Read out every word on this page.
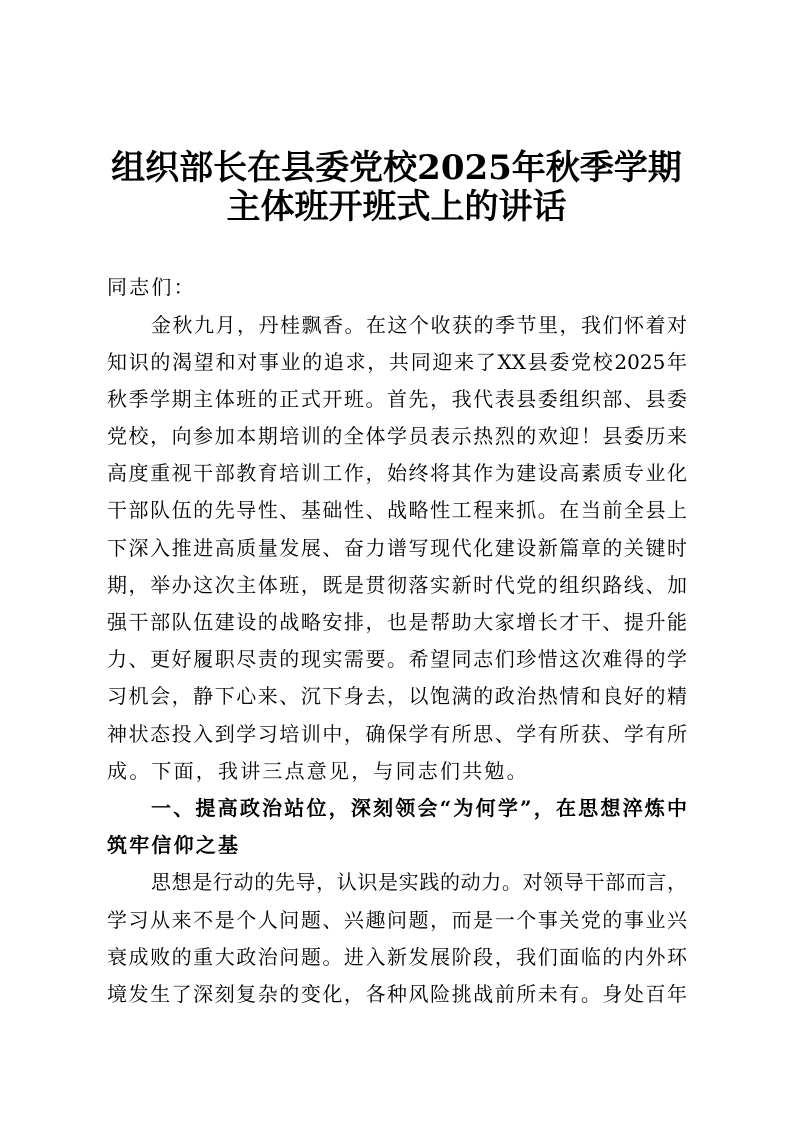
组织部长在县委党校2025年秋季学期
主体班开班式上的讲话
同志们：
金秋九月，丹桂飘香。在这个收获的季节里，我们怀着对
知识的渴望和对事业的追求，共同迎来了XX县委党校2025年
秋季学期主体班的正式开班。首先，我代表县委组织部、县委
党校，向参加本期培训的全体学员表示热烈的欢迎！县委历来
高度重视干部教育培训工作，始终将其作为建设高素质专业化
干部队伍的先导性、基础性、战略性工程来抓。在当前全县上
下深入推进高质量发展、奋力谱写现代化建设新篇章的关键时
期，举办这次主体班，既是贯彻落实新时代党的组织路线、加
强干部队伍建设的战略安排，也是帮助大家增长才干、提升能
力、更好履职尽责的现实需要。希望同志们珍惜这次难得的学
习机会，静下心来、沉下身去，以饱满的政治热情和良好的精
神状态投入到学习培训中，确保学有所思、学有所获、学有所
成。下面，我讲三点意见，与同志们共勉。
一、提高政治站位，深刻领会“为何学”，在思想淬炼中
筑牢信仰之基
思想是行动的先导，认识是实践的动力。对领导干部而言，
学习从来不是个人问题、兴趣问题，而是一个事关党的事业兴
衰成败的重大政治问题。进入新发展阶段，我们面临的内外环
境发生了深刻复杂的变化，各种风险挑战前所未有。身处百年
